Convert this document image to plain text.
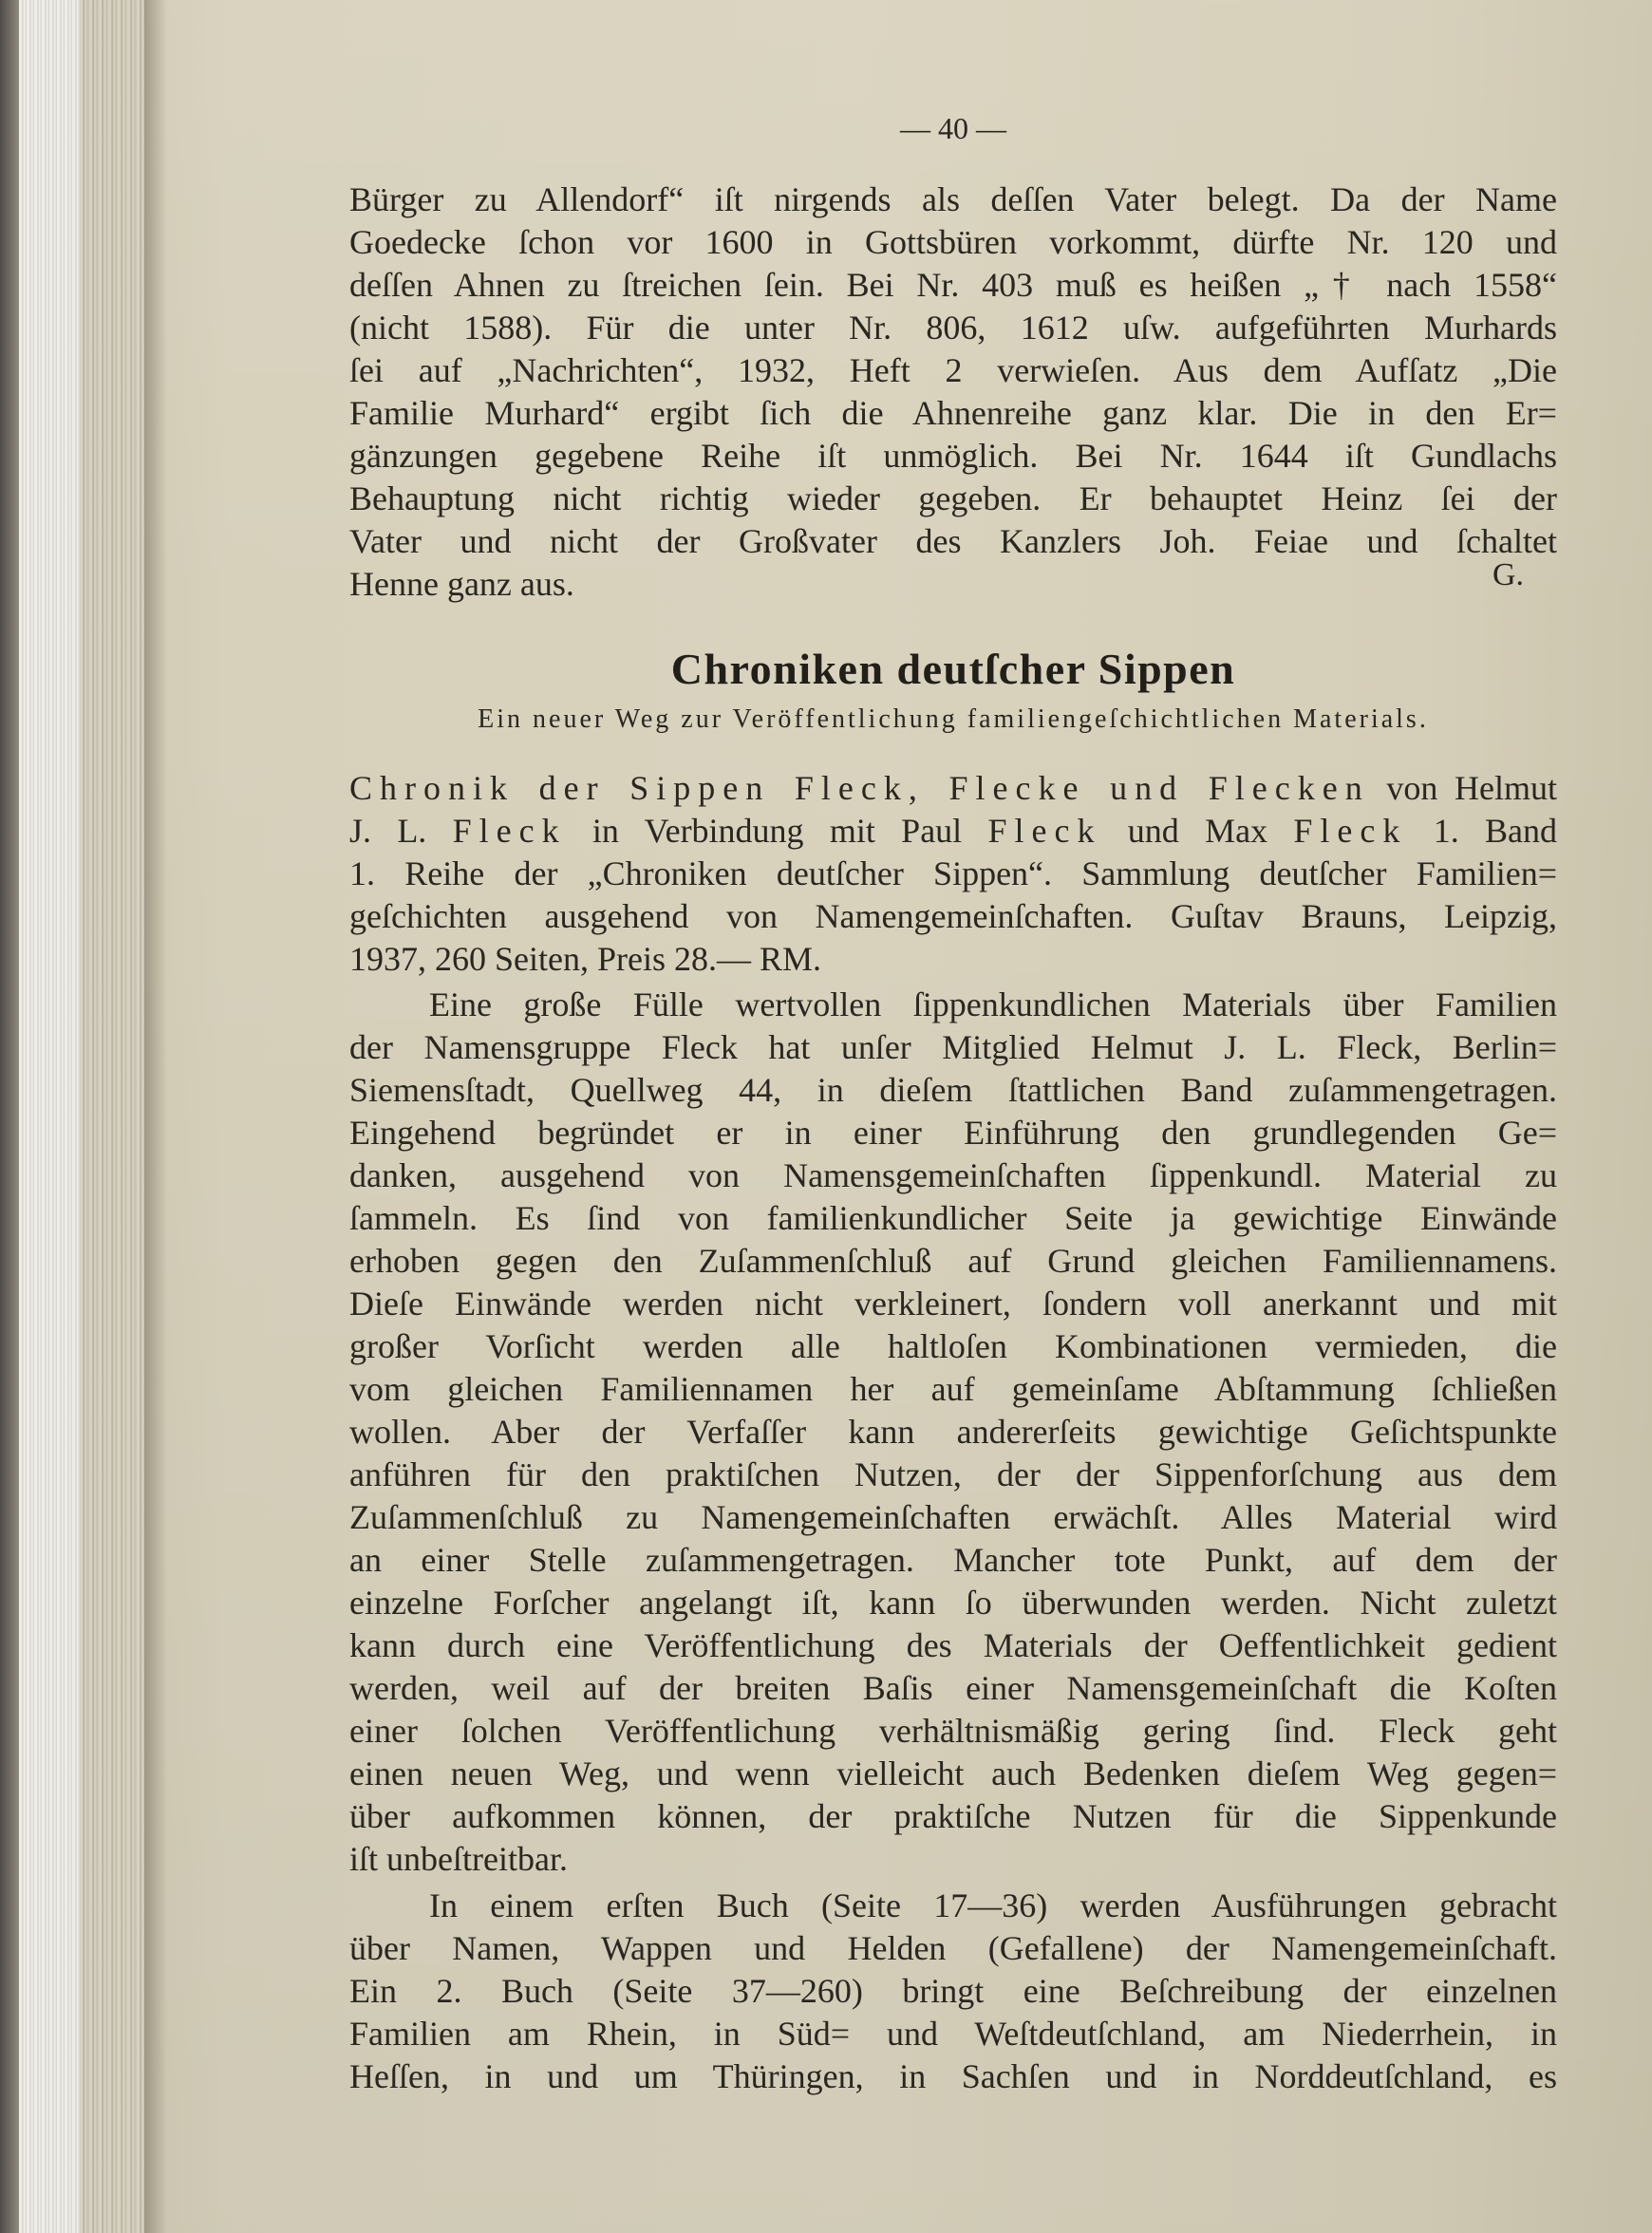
— 40 —
Bürger zu Allendorf“ iſt nirgends als deſſen Vater belegt. Da der Name
Goedecke ſchon vor 1600 in Gottsbüren vorkommt, dürfte Nr. 120 und
deſſen Ahnen zu ſtreichen ſein. Bei Nr. 403 muß es heißen „† nach 1558“
(nicht 1588). Für die unter Nr. 806, 1612 uſw. aufgeführten Murhards
ſei auf „Nachrichten“, 1932, Heft 2 verwieſen. Aus dem Aufſatz „Die
Familie Murhard“ ergibt ſich die Ahnenreihe ganz klar. Die in den Er=
gänzungen gegebene Reihe iſt unmöglich. Bei Nr. 1644 iſt Gundlachs
Behauptung nicht richtig wieder gegeben. Er behauptet Heinz ſei der
Vater und nicht der Großvater des Kanzlers Joh. Feiae und ſchaltet
Henne ganz aus.	G.
Chroniken deutſcher Sippen
Ein neuer Weg zur Veröffentlichung familiengeſchichtlichen Materials.
Chronik der Sippen Fleck, Flecke und Flecken von Helmut
J. L. Fleck in Verbindung mit Paul Fleck und Max Fleck 1. Band
1. Reihe der „Chroniken deutſcher Sippen“. Sammlung deutſcher Familien=
geſchichten ausgehend von Namengemeinſchaften. Guſtav Brauns, Leipzig,
1937, 260 Seiten, Preis 28.— RM.
Eine große Fülle wertvollen ſippenkundlichen Materials über Familien
der Namensgruppe Fleck hat unſer Mitglied Helmut J. L. Fleck, Berlin=
Siemensſtadt, Quellweg 44, in dieſem ſtattlichen Band zuſammengetragen.
Eingehend begründet er in einer Einführung den grundlegenden Ge=
danken, ausgehend von Namensgemeinſchaften ſippenkundl. Material zu
ſammeln. Es ſind von familienkundlicher Seite ja gewichtige Einwände
erhoben gegen den Zuſammenſchluß auf Grund gleichen Familiennamens.
Dieſe Einwände werden nicht verkleinert, ſondern voll anerkannt und mit
großer Vorſicht werden alle haltloſen Kombinationen vermieden, die
vom gleichen Familiennamen her auf gemeinſame Abſtammung ſchließen
wollen. Aber der Verfaſſer kann andererſeits gewichtige Geſichtspunkte
anführen für den praktiſchen Nutzen, der der Sippenforſchung aus dem
Zuſammenſchluß zu Namengemeinſchaften erwächſt. Alles Material wird
an einer Stelle zuſammengetragen. Mancher tote Punkt, auf dem der
einzelne Forſcher angelangt iſt, kann ſo überwunden werden. Nicht zuletzt
kann durch eine Veröffentlichung des Materials der Oeffentlichkeit gedient
werden, weil auf der breiten Baſis einer Namensgemeinſchaft die Koſten
einer ſolchen Veröffentlichung verhältnismäßig gering ſind. Fleck geht
einen neuen Weg, und wenn vielleicht auch Bedenken dieſem Weg gegen=
über aufkommen können, der praktiſche Nutzen für die Sippenkunde
iſt unbeſtreitbar.
In einem erſten Buch (Seite 17—36) werden Ausführungen gebracht
über Namen, Wappen und Helden (Gefallene) der Namengemeinſchaft.
Ein 2. Buch (Seite 37—260) bringt eine Beſchreibung der einzelnen
Familien am Rhein, in Süd= und Weſtdeutſchland, am Niederrhein, in
Heſſen, in und um Thüringen, in Sachſen und in Norddeutſchland, es
